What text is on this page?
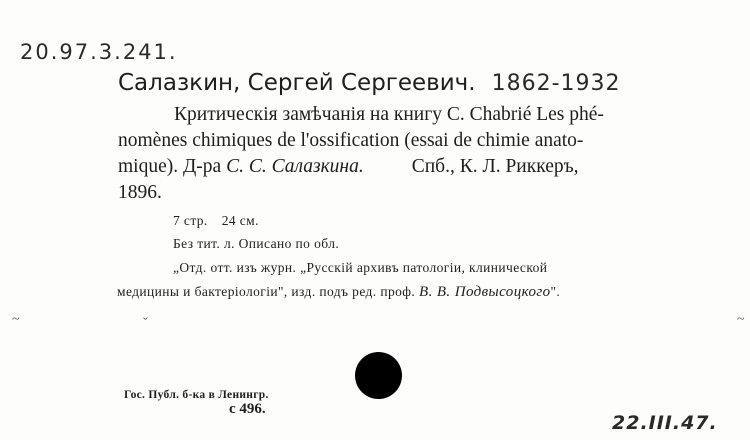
20.97.3.241.
Салазкин, Сергей Сергеевич. 1862-1932
Критическія замѣчанія на книгу С. Chabrié Les phé-
nomènes chimiques de l'ossification (essai de chimie anato-
mique). Д-ра С. С. Салазкина. Спб., К. Л. Риккеръ,
1896.
7 стр. 24 см.
Без тит. л. Описано по обл.
„Отд. отт. изъ журн. „Русскій архивъ патологіи, клинической
медицины и бактеріологіи", изд. подъ ред. проф. В. В. Подвысоцкого".
~	ˇ	~
Гос. Публ. б-ка в Ленингр.
с 496.
22.III.47.
